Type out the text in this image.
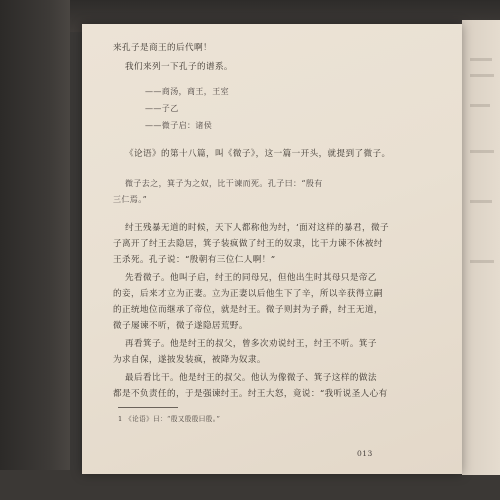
来孔子是商王的后代啊！
我们来列一下孔子的谱系。
——商汤，商王，王室
——子乙
——微子启：诸侯
《论语》的第十八篇，叫《微子》，这一篇一开头，就提到了微子。
微子去之，箕子为之奴，比干谏而死。孔子曰：“殷有
三仁焉。”
纣王残暴无道的时候，天下人都称他为纣，‘面对这样的暴君，微子
子离开了纣王去隐居，箕子装疯做了纣王的奴隶，比干力谏不休被纣
王杀死。孔子说：“殷朝有三位仁人啊！”
先看微子。他叫子启，纣王的同母兄，但他出生时其母只是帝乙
的妾，后来才立为正妻。立为正妻以后他生下了辛，所以辛获得立嗣
的正统地位而继承了帝位，就是纣王。微子则封为子爵，纣王无道，
微子屡谏不听，微子遂隐居荒野。
再看箕子。他是纣王的叔父，曾多次劝说纣王，纣王不听。箕子
为求自保，遂披发装疯，被降为奴隶。
最后看比干。他是纣王的叔父。他认为像微子、箕子这样的做法
都是不负责任的，于是强谏纣王。纣王大怒，竟说：“我听说圣人心有
1 《论语》曰：“殷又殷殷曰殷。”
013
